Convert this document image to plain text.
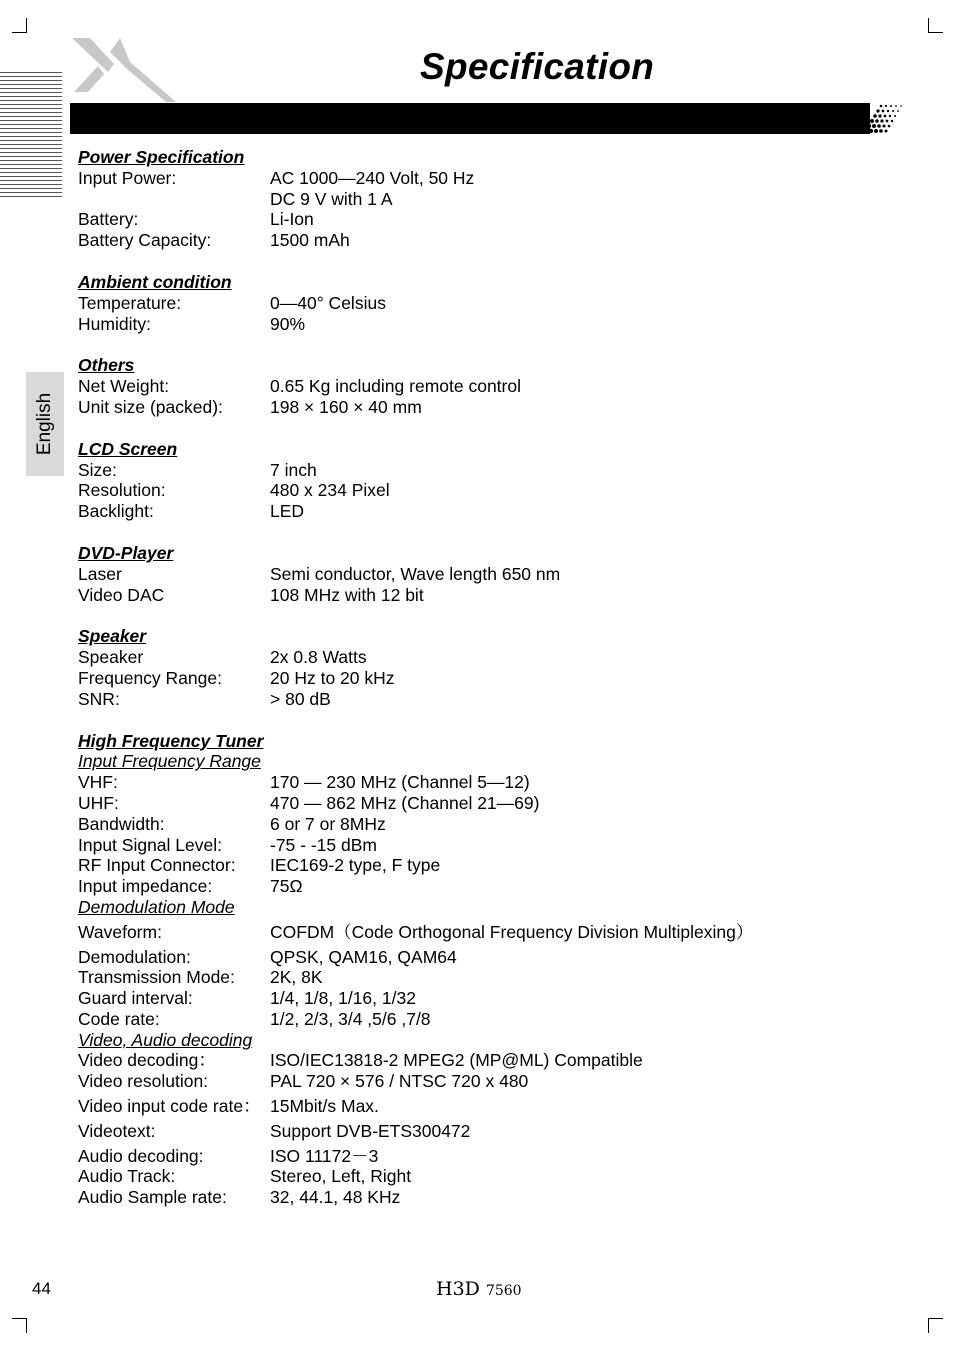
Specification
English
Power Specification
Input Power:	AC 1000—240 Volt, 50 Hz
DC 9 V with 1 A
Battery:	Li-Ion
Battery Capacity:	1500 mAh
Ambient condition
Temperature:	0—40° Celsius
Humidity:	90%
Others
Net Weight:	0.65 Kg including remote control
Unit size (packed):	198 × 160 × 40 mm
LCD Screen
Size:	7 inch
Resolution:	480 x 234 Pixel
Backlight:	LED
DVD-Player
Laser	Semi conductor, Wave length 650 nm
Video DAC	108 MHz with 12 bit
Speaker
Speaker	2x 0.8 Watts
Frequency Range:	20 Hz to 20 kHz
SNR:	> 80 dB
High Frequency Tuner
Input Frequency Range
VHF:	170 — 230 MHz (Channel 5—12)
UHF:	470 — 862 MHz (Channel 21—69)
Bandwidth:	6 or 7 or 8MHz
Input Signal Level:	-75 - -15 dBm
RF Input Connector:	IEC169-2 type, F type
Input impedance:	75Ω
Demodulation Mode
Waveform:	COFDM（Code Orthogonal Frequency Division Multiplexing）
Demodulation:	QPSK, QAM16, QAM64
Transmission Mode:	2K, 8K
Guard interval:	1/4, 1/8, 1/16, 1/32
Code rate:	1/2, 2/3, 3/4 ,5/6 ,7/8
Video, Audio decoding
Video decoding：	ISO/IEC13818-2 MPEG2 (MP@ML) Compatible
Video resolution:	PAL 720 × 576 / NTSC 720 x 480
Video input code rate： 15Mbit/s Max.
Videotext:	Support DVB-ETS300472
Audio decoding:	ISO 11172－3
Audio Track:	Stereo, Left, Right
Audio Sample rate:	32, 44.1, 48 KHz
44	H3D 7560
